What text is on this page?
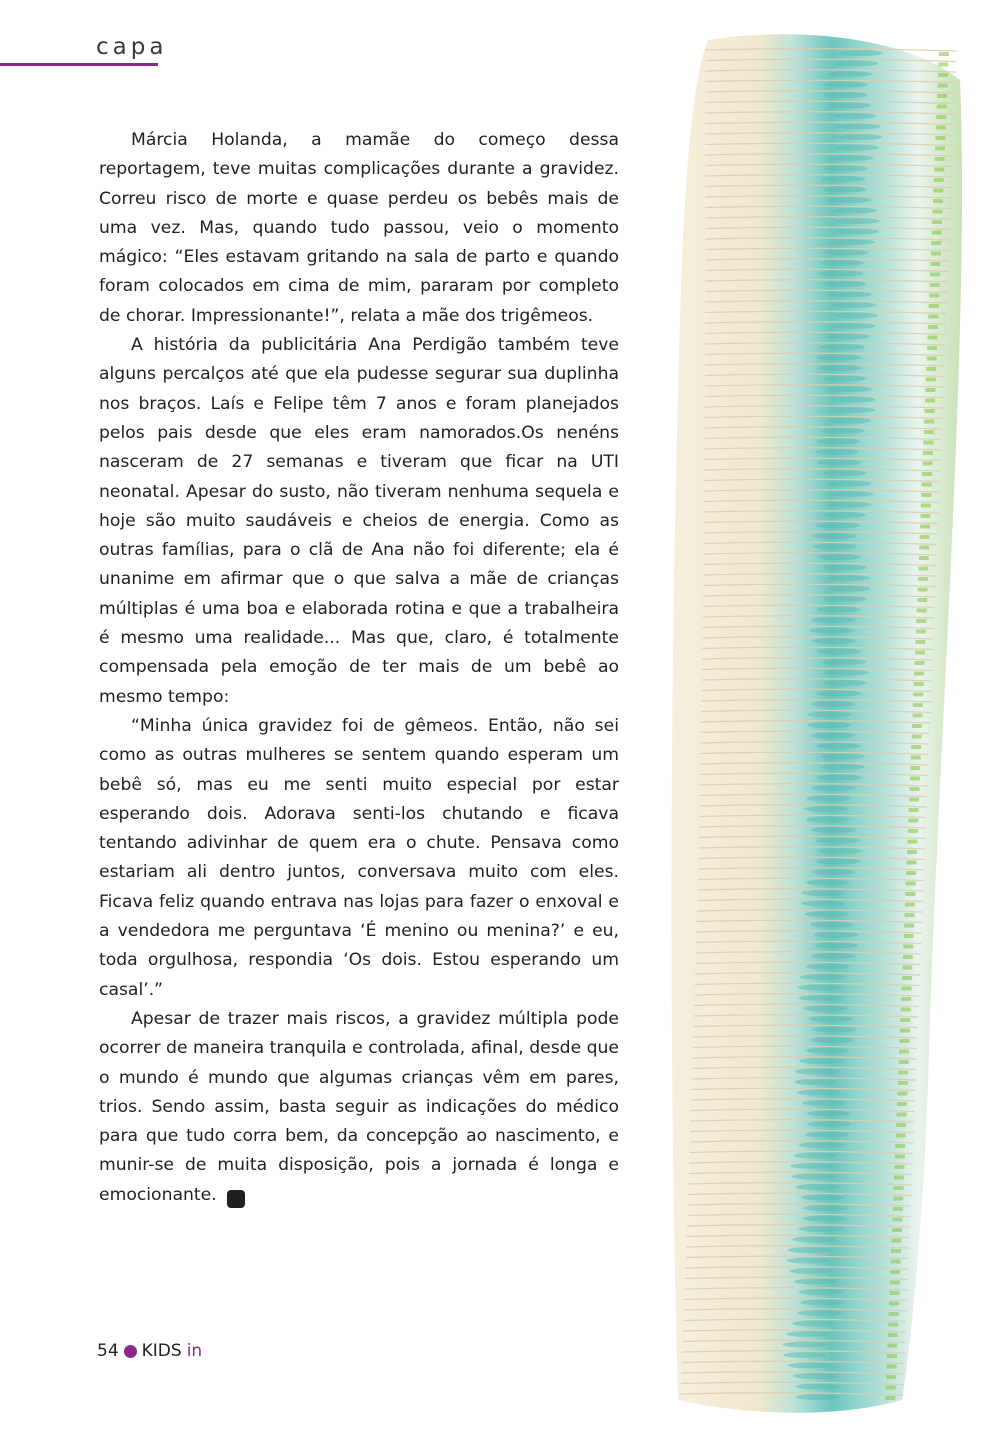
capa

Márcia Holanda, a mamãe do começo dessa reportagem, teve muitas complicações durante a gravidez. Correu risco de morte e quase perdeu os bebês mais de uma vez. Mas, quando tudo passou, veio o momento mágico: “Eles estavam gritando na sala de parto e quando foram colocados em cima de mim, pararam por completo de chorar. Impressionante!”, relata a mãe dos trigêmeos.

A história da publicitária Ana Perdigão também teve alguns percalços até que ela pudesse segurar sua duplinha nos braços. Laís e Felipe têm 7 anos e foram planejados pelos pais desde que eles eram namorados.Os nenéns nasceram de 27 semanas e tiveram que ficar na UTI neonatal. Apesar do susto, não tiveram nenhuma sequela e hoje são muito saudáveis e cheios de energia. Como as outras famílias, para o clã de Ana não foi diferente; ela é unanime em afirmar que o que salva a mãe de crianças múltiplas é uma boa e elaborada rotina e que a trabalheira é mesmo uma realidade... Mas que, claro, é totalmente compensada pela emoção de ter mais de um bebê ao mesmo tempo:

“Minha única gravidez foi de gêmeos. Então, não sei como as outras mulheres se sentem quando esperam um bebê só, mas eu me senti muito especial por estar esperando dois. Adorava senti-los chutando e ficava tentando adivinhar de quem era o chute. Pensava como estariam ali dentro juntos, conversava muito com eles. Ficava feliz quando entrava nas lojas para fazer o enxoval e a vendedora me perguntava ‘É menino ou menina?’ e eu, toda orgulhosa, respondia ‘Os dois. Estou esperando um casal’.”

Apesar de trazer mais riscos, a gravidez múltipla pode ocorrer de maneira tranquila e controlada, afinal, desde que o mundo é mundo que algumas crianças vêm em pares, trios. Sendo assim, basta seguir as indicações do médico para que tudo corra bem, da concepção ao nascimento, e munir-se de muita disposição, pois a jornada é longa e emocionante.	K

54 KIDS in
